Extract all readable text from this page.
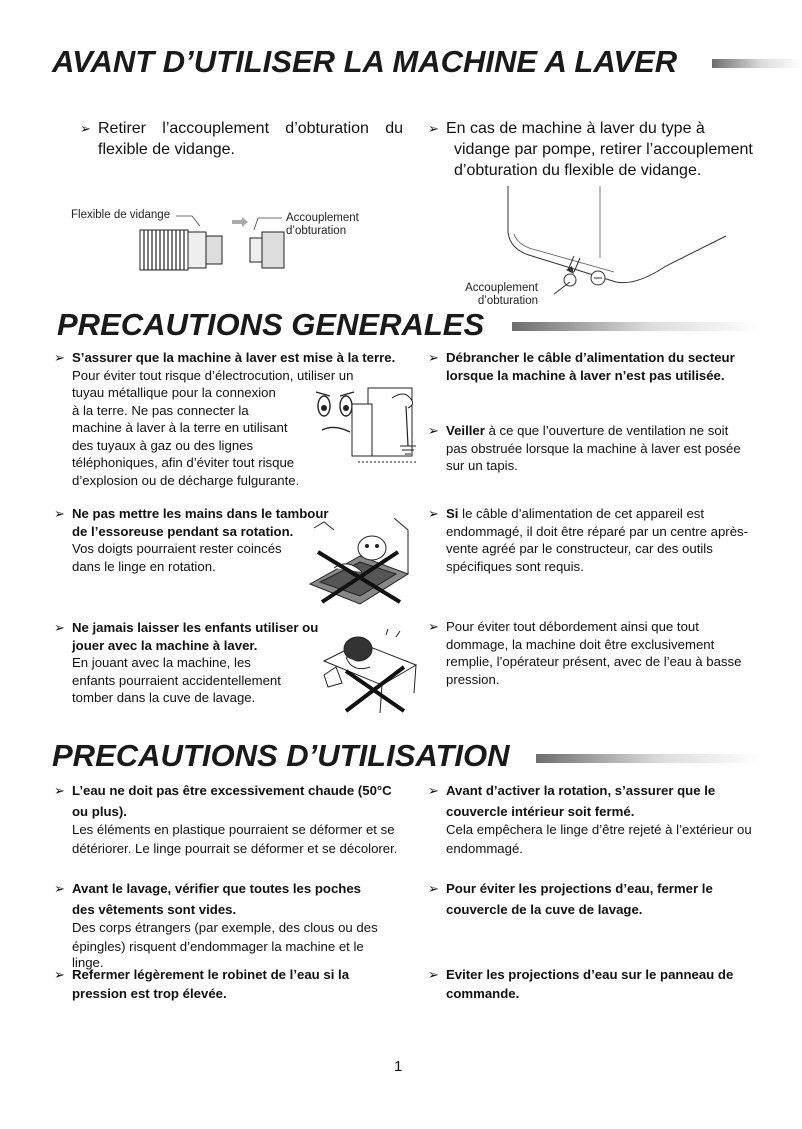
AVANT D’UTILISER LA MACHINE A LAVER
➢ Retirer l’accouplement d’obturation du
flexible de vidange.
➢ En cas de machine à laver du type à
vidange par pompe, retirer l’accouplement
d’obturation du flexible de vidange.
Flexible de vidange	Accouplement
d’obturation
Accouplement
d’obturation
PRECAUTIONS GENERALES
➢ S’assurer que la machine à laver est mise à la terre.

Pour éviter tout risque d’électrocution, utiliser un

tuyau métallique pour la connexion

à la terre. Ne pas connecter la

machine à laver à la terre en utilisant

des tuyaux à gaz ou des lignes

téléphoniques, afin d’éviter tout risque

d’explosion ou de décharge fulgurante.

➢ Ne pas mettre les mains dans le tambour

de l’essoreuse pendant sa rotation.

Vos doigts pourraient rester coincés

dans le linge en rotation.

➢ Ne jamais laisser les enfants utiliser ou

jouer avec la machine à laver.

En jouant avec la machine, les

enfants pourraient accidentellement

tomber dans la cuve de lavage.

➢ Débrancher le câble d’alimentation du secteur

lorsque la machine à laver n’est pas utilisée.

➢ Veiller à ce que l’ouverture de ventilation ne soit

pas obstruée lorsque la machine à laver est posée

sur un tapis.

➢ Si le câble d’alimentation de cet appareil est

endommagé, il doit être réparé par un centre après-

vente agréé par le constructeur, car des outils

spécifiques sont requis.

➢ Pour éviter tout débordement ainsi que tout

dommage, la machine doit être exclusivement

remplie, l’opérateur présent, avec de l’eau à basse

pression.

PRECAUTIONS D’UTILISATION
➢ L’eau ne doit pas être excessivement chaude (50°C

ou plus).

Les éléments en plastique pourraient se déformer et se

détériorer. Le linge pourrait se déformer et se décolorer.

➢ Avant le lavage, vérifier que toutes les poches

des vêtements sont vides.

Des corps étrangers (par exemple, des clous ou des

épingles) risquent d’endommager la machine et le

linge.

➢ Refermer légèrement le robinet de l’eau si la

pression est trop élevée.

➢ Avant d’activer la rotation, s’assurer que le

couvercle intérieur soit fermé.

Cela empêchera le linge d’être rejeté à l’extérieur ou

endommagé.

➢ Pour éviter les projections d’eau, fermer le

couvercle de la cuve de lavage.

➢ Eviter les projections d’eau sur le panneau de

commande.

1
